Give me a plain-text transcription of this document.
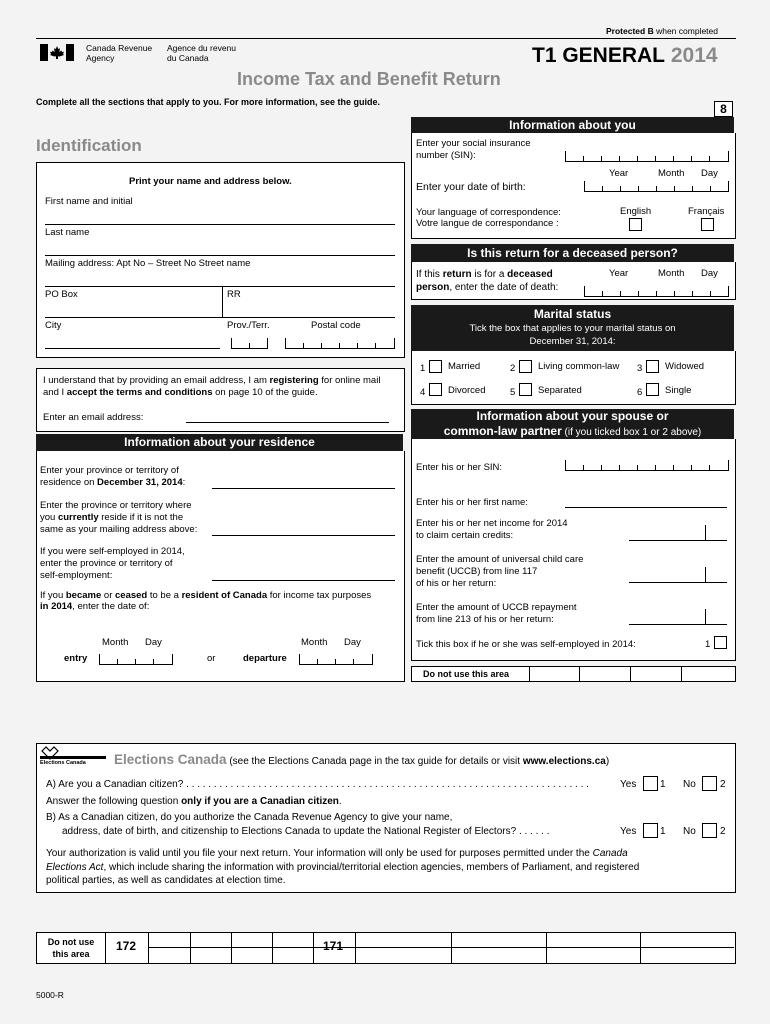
Protected B when completed
Canada Revenue
Agency
Agence du revenu
du Canada	T1 GENERAL 2014
Income Tax and Benefit Return
Complete all the sections that apply to you. For more information, see the guide.	8
Identification
Print your name and address below.
First name and initial
Last name
Mailing address: Apt No – Street No Street name
PO Box	RR
City	Prov./Terr.	Postal code
I understand that by providing an email address, I am registering for online mail
and I accept the terms and conditions on page 10 of the guide.
Enter an email address:
Information about your residence
Enter your province or territory of
residence on December 31, 2014:
Enter the province or territory where
you currently reside if it is not the
same as your mailing address above:
If you were self-employed in 2014,
enter the province or territory of
self-employment:
If you became or ceased to be a resident of Canada for income tax purposes
in 2014, enter the date of:
Month Day
entry	or
Month Day
departure
Information about you
Enter your social insurance
number (SIN):
Year	Month Day
Enter your date of birth:
Your language of correspondence:
Votre langue de correspondance :
English	Français
Is this return for a deceased person?
If this return is for a deceased
person, enter the date of death:
Year	Month Day
Marital status
Tick the box that applies to your marital status on
December 31, 2014:
1 Married	2 Living common-law 3 Widowed
4 Divorced	5 Separated	6 Single
Information about your spouse or
common-law partner (if you ticked box 1 or 2 above)
Enter his or her SIN:
Enter his or her first name:
Enter his or her net income for 2014
to claim certain credits:
Enter the amount of universal child care
benefit (UCCB) from line 117
of his or her return:
Enter the amount of UCCB repayment
from line 213 of his or her return:
Tick this box if he or she was self-employed in 2014:	1
Do not use this area
Elections Canada Elections Canada (see the Elections Canada page in the tax guide for details or visit www.elections.ca)
A) Are you a Canadian citizen? . . . . . . . . . . . . . . . . . . . . . . . . . . . . . . . . . . . . . . . . . . . . . . . . . . . . . . . . . . . . . . . . . . . . . . . . .	Yes 1 No 2
Answer the following question only if you are a Canadian citizen.
B) As a Canadian citizen, do you authorize the Canada Revenue Agency to give your name,
address, date of birth, and citizenship to Elections Canada to update the National Register of Electors? . . . . . .	Yes 1 No 2
Your authorization is valid until you file your next return. Your information will only be used for purposes permitted under the Canada
Elections Act, which include sharing the information with provincial/territorial election agencies, members of Parliament, and registered
political parties, as well as candidates at election time.
Do not use
this area
172	171
5000-R
